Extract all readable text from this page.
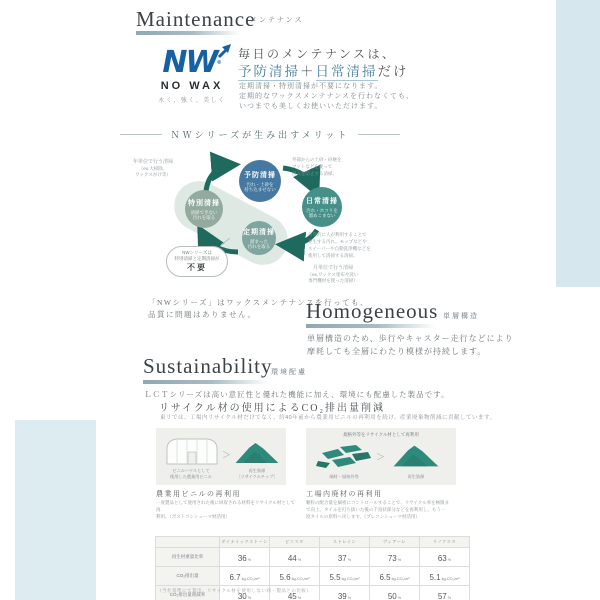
Maintenance
メンテナンス
NW®
NO WAX
永く、強く、美しく
毎日のメンテナンスは、
予防清掃＋日常清掃だけ
定期清掃・特別清掃が不要になります。
定期的なワックスメンテナンスを行わなくても、
いつまでも美しくお使いいただけます。
ＮＷシリーズが生み出すメリット
予防清掃
汚れ・土砂を
持ち込ませない
日常清掃
汚れ・ホコリを
溜めこまない
定期清掃
溜まった
汚れを取る
特別清掃
清掃できない
汚れを取る
NWシリーズは
特別清掃と定期清掃が
不要
年単位で行う清掃
（ex.大掃除、
ワックスがけ等）
外部からの土砂・砂塵を
マットなどを使って
侵入を防止する清掃。
日常的に人が利用することで
発生する汚れ。モップなどや
スイーパーや自動洗浄機などを
使用して清掃する清掃。
月単位で行う清掃
（ex.ワックス塗布や洗い
専門機材を使った清掃）
「NWシリーズ」はワックスメンテナンスを行っても、
品質に問題はありません。	Homogeneous 単層構造
単層構造のため、歩行やキャスター走行などにより
摩耗しても全層にわたり模様が持続します。
Sustainability
環境配慮
ＬＣＴシリーズは高い意匠性と優れた機能に加え、環境にも配慮した製品です。
リサイクル材の使用によるCO₂排出量削減
東リでは、工場内リサイクル材だけでなく、約40年前から農業用ビニルの再利用を続け、産業廃棄物削減に貢献しています。
＞
ビニルハウスとして
使用した農業用ビニル
再生資源
［リサイクルチップ］
規格外等をリサイクル材として再利用
＞
端材・規格外等	再生資源
農業用ビニルの再利用
一度製品として使用された後に回収される材料をリサイクル材として再
利用。（ポストコンシューマ材活用）
工場内廃材の再利用
顆粒の配合量を細密にコントロールすることで、リサイクル率を極限ま
で向上。タイルを打ち抜いた後の千鳥状部分などを再利用し、もう一
度タイルの原料へ戻します。（プレコンシューマ材活用）
	ダイナミックストーン	ピコスタ	ストレイン	ヴィアーレ	リノクスタ
再生材重量比率	36%	44%	37%	73%	63%
CO₂排出量	6.7kg-CO₂/m²	5.6kg-CO₂/m²	5.5kg-CO₂/m²	6.5kg-CO₂/m²	5.1kg-CO₂/m²
CO₂排出量削減率	30%	45%	39%	50%	57%
（当社基準にて算出。リサイクル材を使用しない同一製品との比較）
